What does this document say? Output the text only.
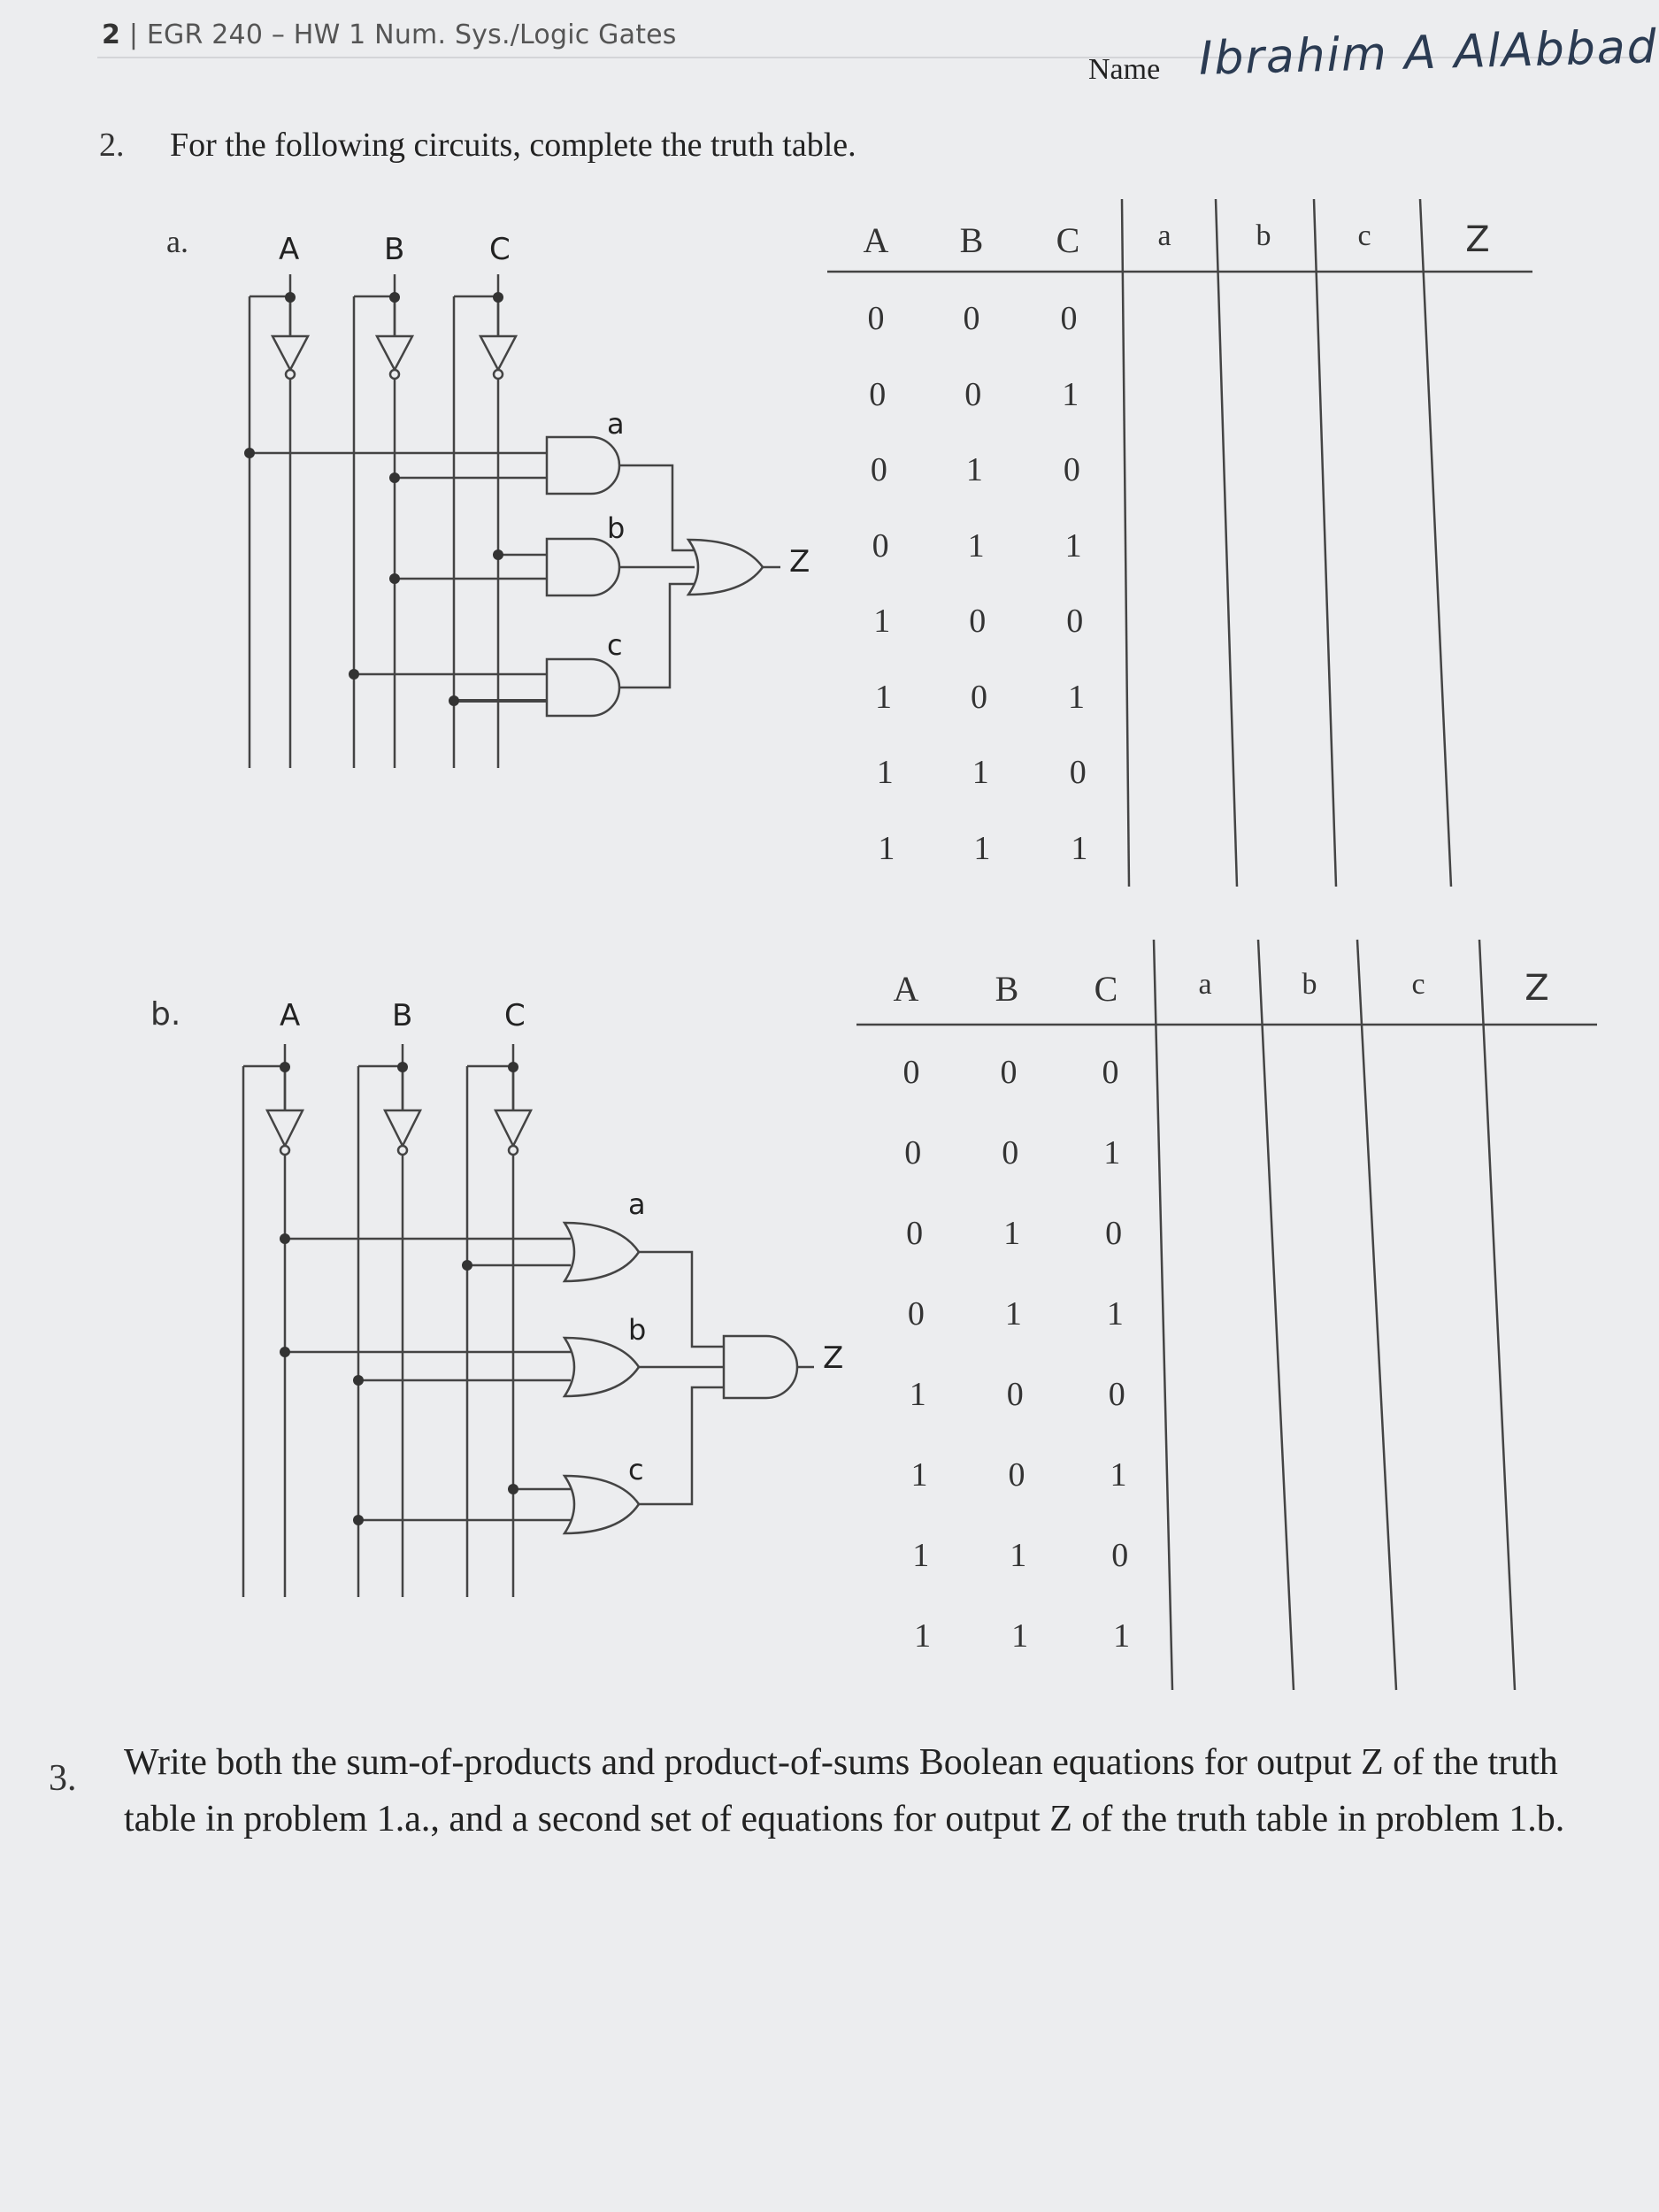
2 | EGR 240 – HW 1 Num. Sys./Logic Gates
Name Ibrahim A AlAbbad
2. For the following circuits, complete the truth table.
a.	A	B	C
a
b
c
Z
A B C	a	b	c	Z
0 0 0
0 0 1
0 1 0
0 1 1
1 0 0
1 0 1
1 1 0
1 1 1
b.	A	B	C
a
b
c
Z
A B C	a	b	c	Z
0 0	0
0 0	1
0 1	0
0 1	1
1 0	0
1 0	1
1 1	0
1 1	1
3. Write both the sum-of-products and product-of-sums Boolean equations for output Z of the truth table in problem 1.a., and a second set of equations for output Z of the truth table in problem 1.b.
